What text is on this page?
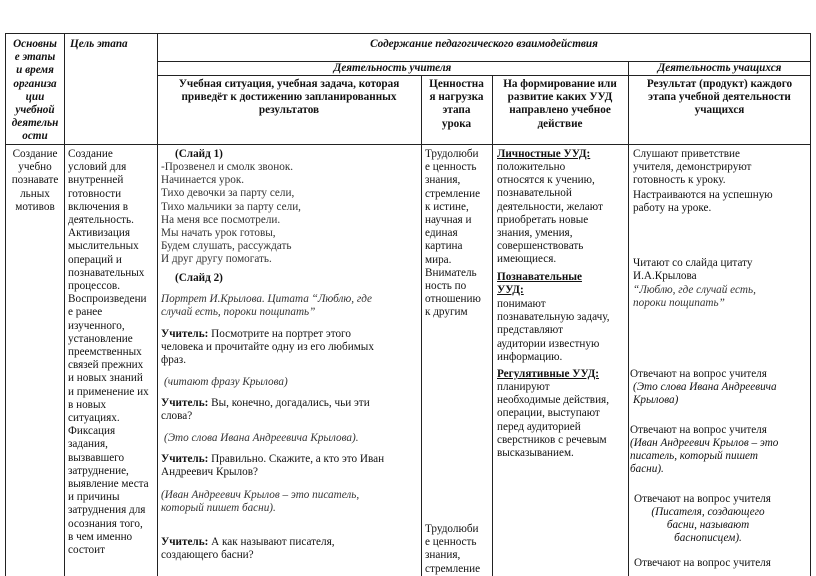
Основны
е этапы
и время
организа
ции
учебной
деятельн
ости
Цель этапа	Содержание педагогического взаимодействия
Деятельность учителя	Деятельность учащихся
Учебная ситуация, учебная задача, которая
приведёт к достижению запланированных
результатов
Ценностна
я нагрузка
этапа
урока
На формирование или
развитие каких УУД
направлено учебное
действие
Результат (продукт) каждого
этапа учебной деятельности
учащихся
Создание
учебно
познавате
льных
мотивов
Создание
условий для
внутренней
готовности
включения в
деятельность.
Активизация
мыслительных
операций и
познавательных
процессов.
Воспроизведени
е ранее
изученного,
установление
преемственных
связей прежних
и новых знаний
и применение их
в новых
ситуациях.
Фиксация
задания,
вызвавшего
затруднение,
выявление места
и причины
затруднения для
осознания того,
в чем именно
состоит
(Слайд 1)
-Прозвенел и смолк звонок.
Начинается урок.
Тихо девочки за парту сели,
Тихо мальчики за парту сели,
На меня все посмотрели.
Мы начать урок готовы,
Будем слушать, рассуждать
И друг другу помогать.
(Слайд 2)
Портрет И.Крылова. Цитата “Люблю, где
случай есть, пороки пощипать”
Учитель: Посмотрите на портрет этого
человека и прочитайте одну из его любимых
фраз.
(читают фразу Крылова)
Учитель: Вы, конечно, догадались, чьи эти
слова?
(Это слова Ивана Андреевича Крылова).
Учитель: Правильно. Скажите, а кто это Иван
Андреевич Крылов?
(Иван Андреевич Крылов – это писатель,
который пишет басни).
Учитель: А как называют писателя,
создающего басни?
Трудолюби
е ценность
знания,
стремление
к истине,
научная и
единая
картина
мира.
Вниматель
ность по
отношению
к другим
Трудолюби
е ценность
знания,
стремление
Личностные УУД:
положительно
относятся к учению,
познавательной
деятельности, желают
приобретать новые
знания, умения,
совершенствовать
имеющиеся.
Познавательные
УУД:
понимают
познавательную задачу,
представляют
аудитории известную
информацию.
Регулятивные УУД:
планируют
необходимые действия,
операции, выступают
перед аудиторией
сверстников с речевым
высказыванием.
Слушают приветствие
учителя, демонстрируют
готовность к уроку.
Настраиваются на успешную
работу на уроке.
Читают со слайда цитату
И.А.Крылова
“Люблю, где случай есть,
пороки пощипать”
Отвечают на вопрос учителя
(Это слова Ивана Андреевича
Крылова)
Отвечают на вопрос учителя
(Иван Андреевич Крылов – это
писатель, который пишет
басни).
Отвечают на вопрос учителя
(Писателя, создающего
басни, называют
баснописцем).
Отвечают на вопрос учителя
